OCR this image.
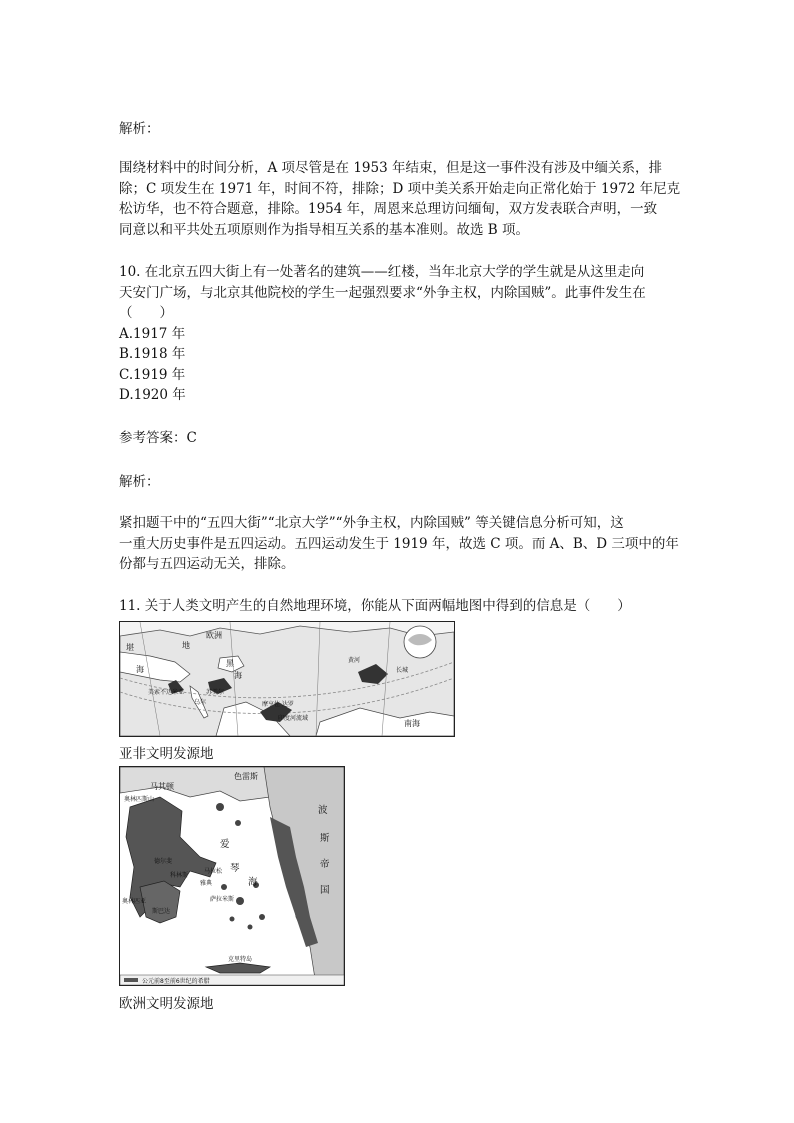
解析：
围绕材料中的时间分析，A 项尽管是在 1953 年结束，但是这一事件没有涉及中缅关系，排
除；C 项发生在 1971 年，时间不符，排除；D 项中美关系开始走向正常化始于 1972 年尼克
松访华，也不符合题意，排除。1954 年，周恩来总理访问缅甸，双方发表联合声明，一致
同意以和平共处五项原则作为指导相互关系的基本准则。故选 B 项。
10. 在北京五四大街上有一处著名的建筑——红楼，当年北京大学的学生就是从这里走向
天安门广场，与北京其他院校的学生一起强烈要求“外争主权，内除国贼”。此事件发生在
（　　）
A.1917 年
B.1918 年
C.1919 年
D.1920 年
参考答案：C
解析：
紧扣题干中的“五四大街”“北京大学”“外争主权，内除国贼” 等关键信息分析可知，这
一重大历史事件是五四运动。五四运动发生于 1919 年，故选 C 项。而 A、B、D 三项中的年
份都与五四运动无关，排除。
11. 关于人类文明产生的自然地理环境，你能从下面两幅地图中得到的信息是（　　）
堪
欧洲
地
海
黑
海
苏美尔
美索不达米亚
乌尔	摩亨佐·达罗
印度河流域
黄河
长城
南海
亚非文明发源地
马其顿
色雷斯
奥林匹斯山
爱
琴
海
波
斯
帝
国
德尔斐
雅典
马拉松
奥林匹亚
斯巴达
科林斯
萨拉米斯
克里特岛
公元前8至前6世纪的希腊
欧洲文明发源地
